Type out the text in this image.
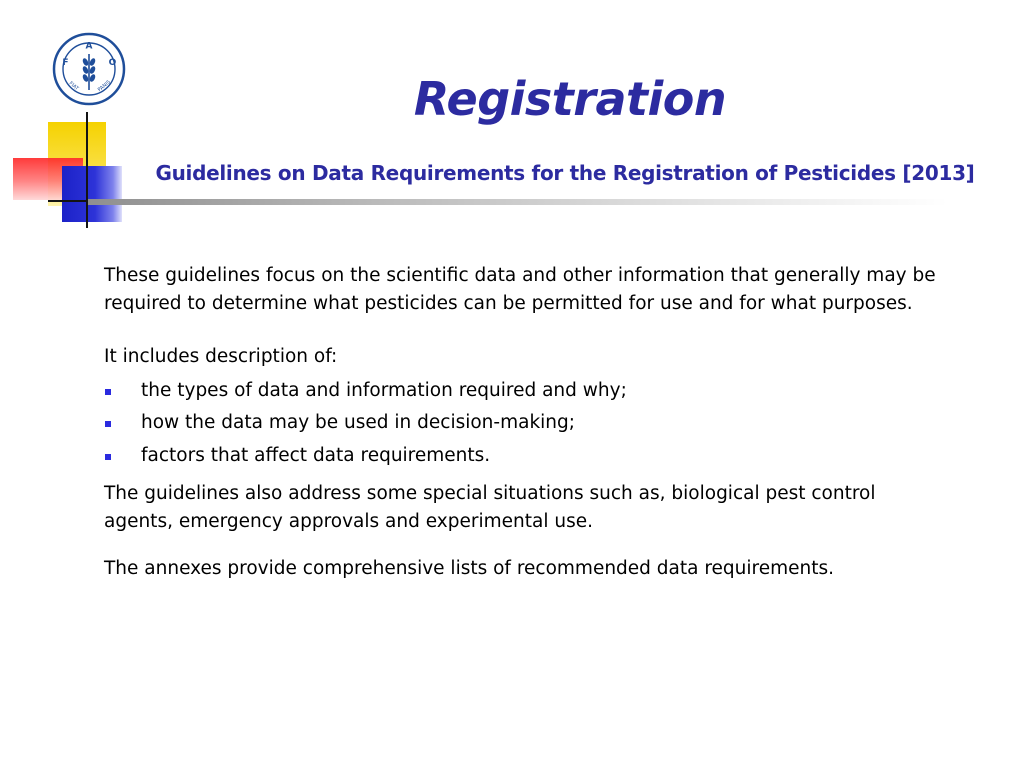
A
F	O
FIAT	PANIS	Registration
Guidelines on Data Requirements for the Registration of Pesticides [2013]

These guidelines focus on the scientific data and other information that generally may be required to determine what pesticides can be permitted for use and for what purposes.

It includes description of:

the types of data and information required and why;
how the data may be used in decision-making;
factors that affect data requirements.

The guidelines also address some special situations such as, biological pest control agents, emergency approvals and experimental use.

The annexes provide comprehensive lists of recommended data requirements.
